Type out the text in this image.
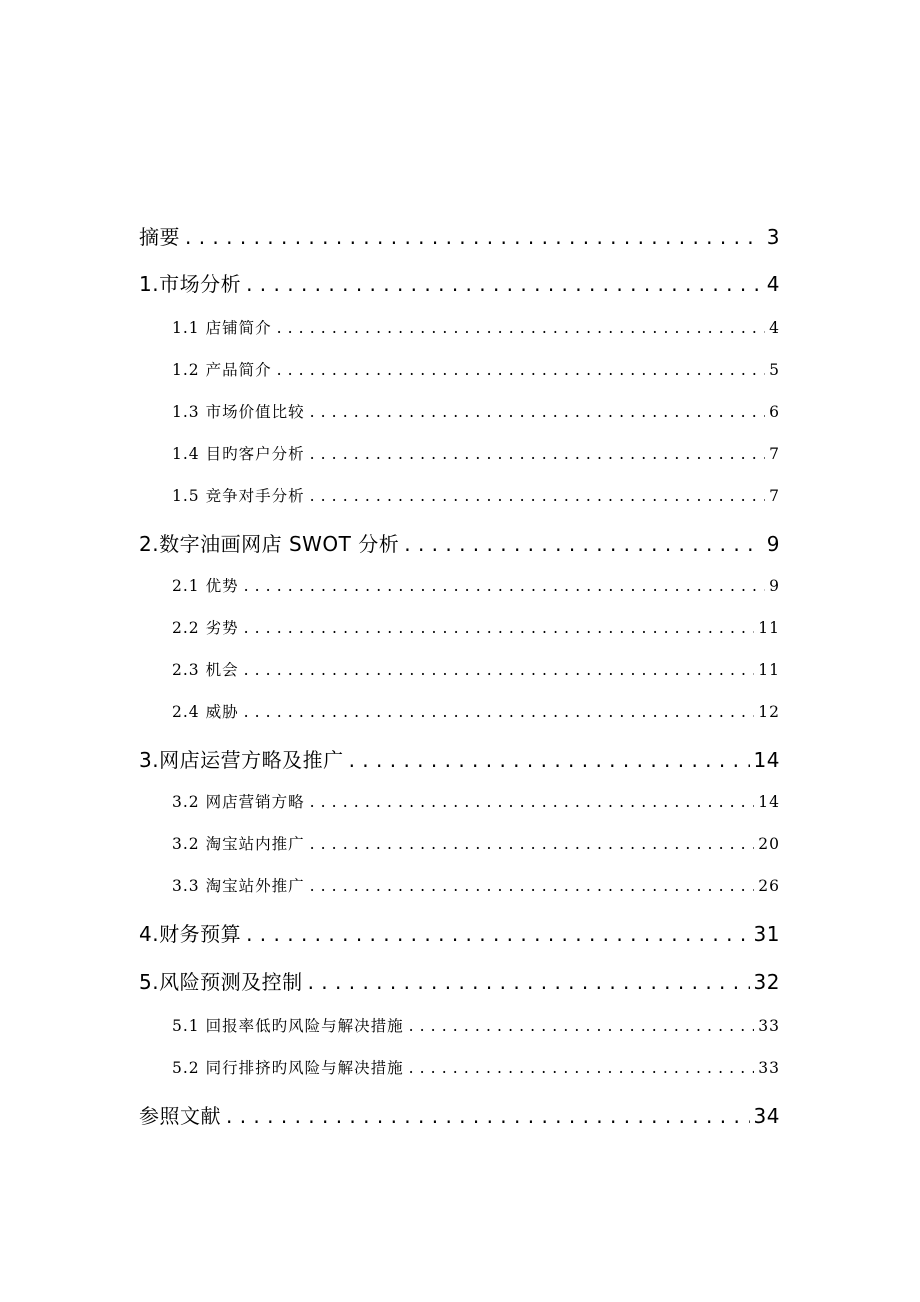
摘要 . . .	3
1.市场分析 . . .	4
1.1 店铺简介 . . .	4
1.2 产品简介 . . .	5
1.3 市场价值比较 . . .	6
1.4 目旳客户分析 . . .	7
1.5 竞争对手分析 . . .	7
2.数字油画网店 SWOT 分析 . . .	9
2.1 优势 . . .	9
2.2 劣势 . . .	11
2.3 机会 . . .	11
2.4 威胁 . . .	12
3.网店运营方略及推广 . . .	14
3.2 网店营销方略 . . .	14
3.2 淘宝站内推广 . . .	20
3.3 淘宝站外推广 . . .	26
4.财务预算 . . .	31
5.风险预测及控制 . . .	32
5.1 回报率低旳风险与解决措施 . . .	33
5.2 同行排挤旳风险与解决措施 . . .	33
参照文献 . . .	34
